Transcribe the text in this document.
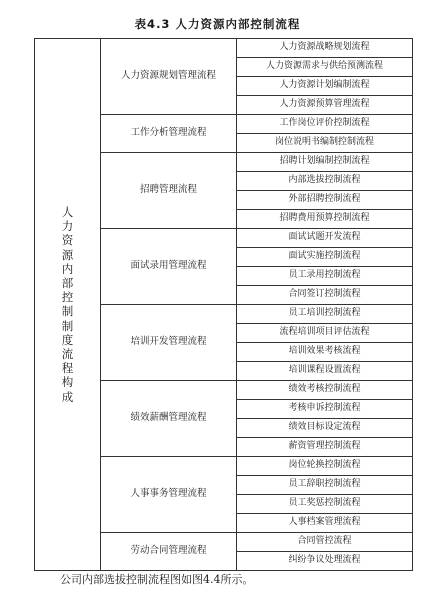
表4.3 人力资源内部控制流程
人力资源内部控制制度流程构成	人力资源规划管理流程	人力资源战略规划流程
		人力资源需求与供给预测流程
		人力资源计划编制流程
		人力资源预算管理流程
	工作分析管理流程	工作岗位评价控制流程
		岗位说明书编制控制流程
	招聘管理流程	招聘计划编制控制流程
		内部选拔控制流程
		外部招聘控制流程
		招聘费用预算控制流程
	面试录用管理流程	面试试题开发流程
		面试实施控制流程
		员工录用控制流程
		合同签订控制流程
	培训开发管理流程	员工培训控制流程
		流程培训项目评估流程
		培训效果考核流程
		培训课程设置流程
	绩效薪酬管理流程	绩效考核控制流程
		考核申诉控制流程
		绩效目标设定流程
		薪资管理控制流程
	人事事务管理流程	岗位轮换控制流程
		员工辞职控制流程
		员工奖惩控制流程
		人事档案管理流程
	劳动合同管理流程	合同管控流程
		纠纷争议处理流程
公司内部选拔控制流程图如图4.4所示。
